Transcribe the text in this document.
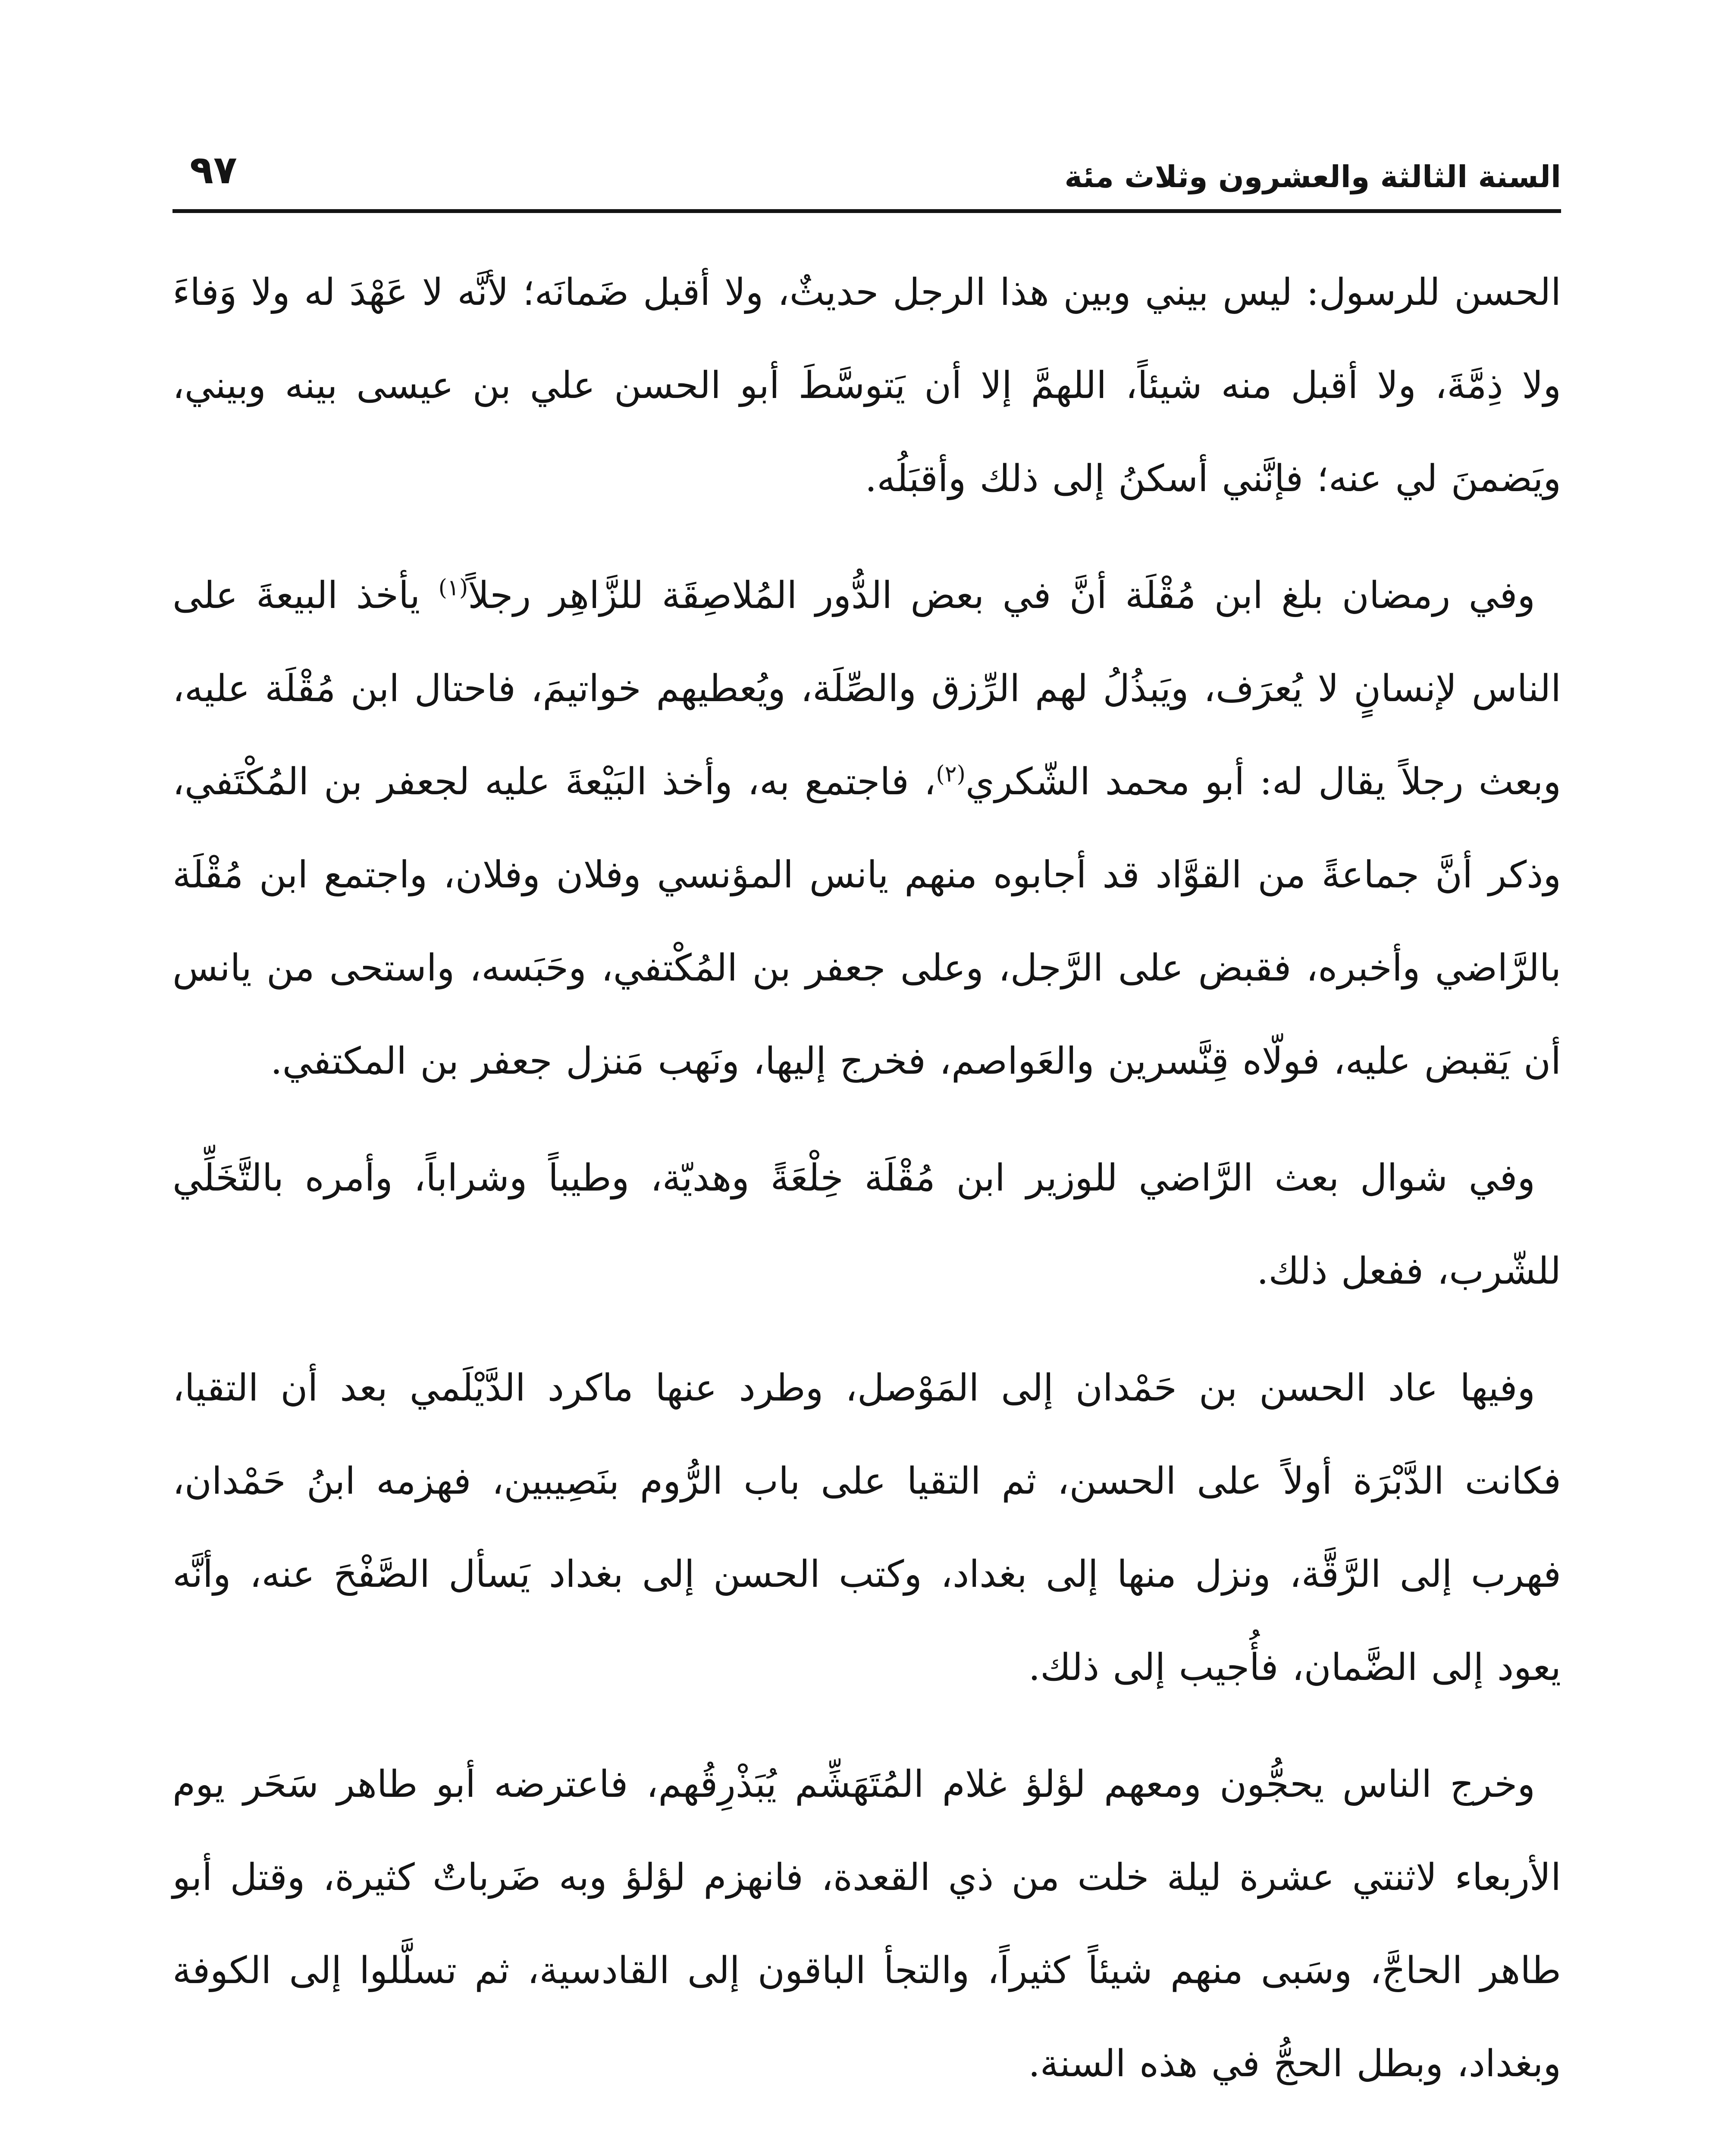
السنة الثالثة والعشرون وثلاث مئة
٩٧

الحسن للرسول: ليس بيني وبين هذا الرجل حديثٌ، ولا أقبل ضَمانَه؛ لأنَّه لا عَهْدَ له ولا وَفاءَ ولا ذِمَّةَ، ولا أقبل منه شيئاً، اللهمَّ إلا أن يَتوسَّطَ أبو الحسن علي بن عيسى بينه وبيني، ويَضمنَ لي عنه؛ فإنَّني أسكنُ إلى ذلك وأقبَلُه.

وفي رمضان بلغ ابن مُقْلَة أنَّ في بعض الدُّور المُلاصِقَة للزَّاهِر رجلاً$^{(١)}$ يأخذ البيعةَ على الناس لإنسانٍ لا يُعرَف، ويَبذُلُ لهم الرِّزق والصِّلَة، ويُعطيهم خواتيمَ، فاحتال ابن مُقْلَة عليه، وبعث رجلاً يقال له: أبو محمد الشّكري$^{(٢)}$، فاجتمع به، وأخذ البَيْعةَ عليه لجعفر بن المُكْتَفي، وذكر أنَّ جماعةً من القوَّاد قد أجابوه منهم يانس المؤنسي وفلان وفلان، واجتمع ابن مُقْلَة بالرَّاضي وأخبره، فقبض على الرَّجل، وعلى جعفر بن المُكْتفي، وحَبَسه، واستحى من يانس أن يَقبض عليه، فولّاه قِنَّسرين والعَواصم، فخرج إليها، ونَهب مَنزل جعفر بن المكتفي.

وفي شوال بعث الرَّاضي للوزير ابن مُقْلَة خِلْعَةً وهديّة، وطيباً وشراباً، وأمره بالتَّخَلِّي للشّرب، ففعل ذلك.

وفيها عاد الحسن بن حَمْدان إلى المَوْصل، وطرد عنها ماكرد الدَّيْلَمي بعد أن التقيا، فكانت الدَّبْرَة أولاً على الحسن، ثم التقيا على باب الرُّوم بنَصِيبين، فهزمه ابنُ حَمْدان، فهرب إلى الرَّقَّة، ونزل منها إلى بغداد، وكتب الحسن إلى بغداد يَسأل الصَّفْحَ عنه، وأنَّه يعود إلى الضَّمان، فأُجيب إلى ذلك.

وخرج الناس يحجُّون ومعهم لؤلؤ غلام المُتَهَشِّم يُبَذْرِقُهم، فاعترضه أبو طاهر سَحَر يوم الأربعاء لاثنتي عشرة ليلة خلت من ذي القعدة، فانهزم لؤلؤ وبه ضَرباتٌ كثيرة، وقتل أبو طاهر الحاجَّ، وسَبى منهم شيئاً كثيراً، والتجأ الباقون إلى القادسية، ثم تسلَّلوا إلى الكوفة وبغداد، وبطل الحجُّ في هذه السنة.
